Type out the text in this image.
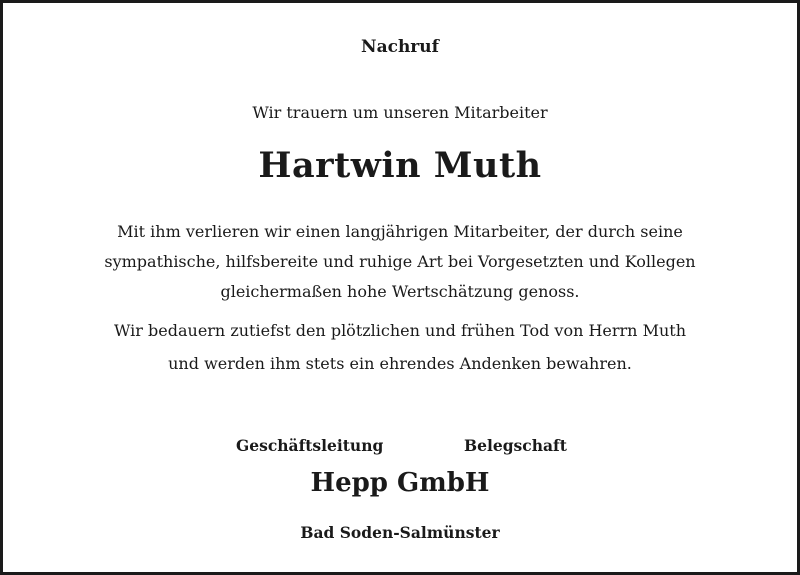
Nachruf
Wir trauern um unseren Mitarbeiter
Hartwin Muth
Mit ihm verlieren wir einen langjährigen Mitarbeiter, der durch seine
sympathische, hilfsbereite und ruhige Art bei Vorgesetzten und Kollegen
gleichermaßen hohe Wertschätzung genoss.
Wir bedauern zutiefst den plötzlichen und frühen Tod von Herrn Muth
und werden ihm stets ein ehrendes Andenken bewahren.
Geschäftsleitung	Belegschaft
Hepp GmbH
Bad Soden-Salmünster
